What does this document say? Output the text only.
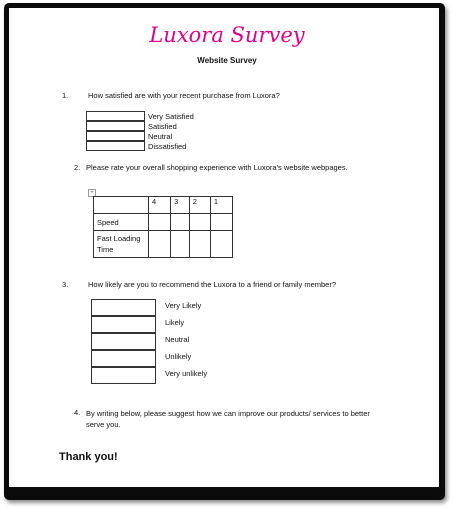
Luxora Survey
Website Survey
1.	How satisfied are with your recent purchase from Luxora?
Very Satisfied
Satisfied
Neutral
Dissatisfied
2. Please rate your overall shopping experience with Luxora’s website webpages.
+
	4	3	2	1
Speed				
Fast Loading Time				
3.	How likely are you to recommend the Luxora to a friend or family member?
Very Likely
Likely
Neutral
Unlikely
Very unlikely
4. By writing below, please suggest how we can improve our products/ services to better serve you.
Thank you!
